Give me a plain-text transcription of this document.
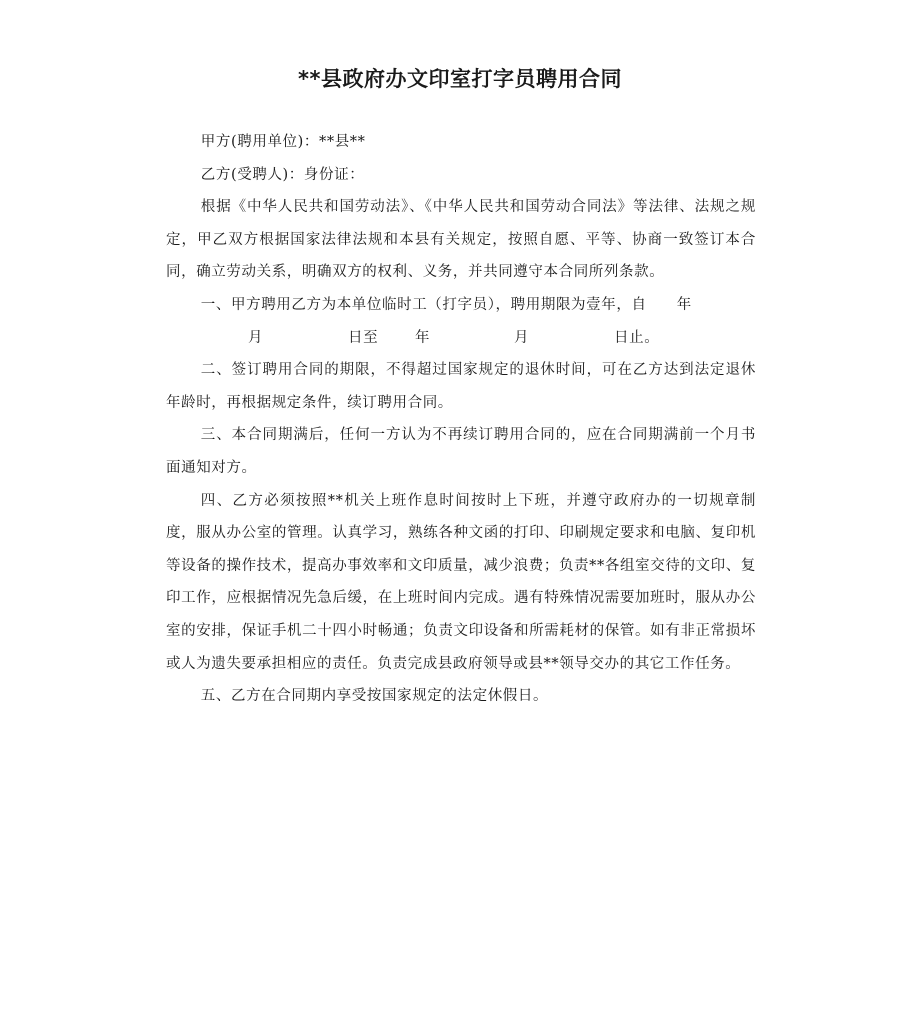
**县政府办文印室打字员聘用合同

甲方(聘用单位)：**县**

乙方(受聘人)：身份证：

根据《中华人民共和国劳动法》、《中华人民共和国劳动合同法》等法律、法规之规定，甲乙双方根据国家法律法规和本县有关规定，按照自愿、平等、协商一致签订本合同，确立劳动关系，明确双方的权利、义务，并共同遵守本合同所列条款。

一、甲方聘用乙方为本单位临时工（打字员），聘用期限为壹年，自　　年

月	日至	年	月	日止。

二、签订聘用合同的期限，不得超过国家规定的退休时间，可在乙方达到法定退休年龄时，再根据规定条件，续订聘用合同。

三、本合同期满后，任何一方认为不再续订聘用合同的，应在合同期满前一个月书面通知对方。

四、乙方必须按照**机关上班作息时间按时上下班，并遵守政府办的一切规章制度，服从办公室的管理。认真学习，熟练各种文函的打印、印刷规定要求和电脑、复印机等设备的操作技术，提高办事效率和文印质量，减少浪费；负责**各组室交待的文印、复印工作，应根据情况先急后缓，在上班时间内完成。遇有特殊情况需要加班时，服从办公室的安排，保证手机二十四小时畅通；负责文印设备和所需耗材的保管。如有非正常损坏或人为遗失要承担相应的责任。负责完成县政府领导或县**领导交办的其它工作任务。

五、乙方在合同期内享受按国家规定的法定休假日。
